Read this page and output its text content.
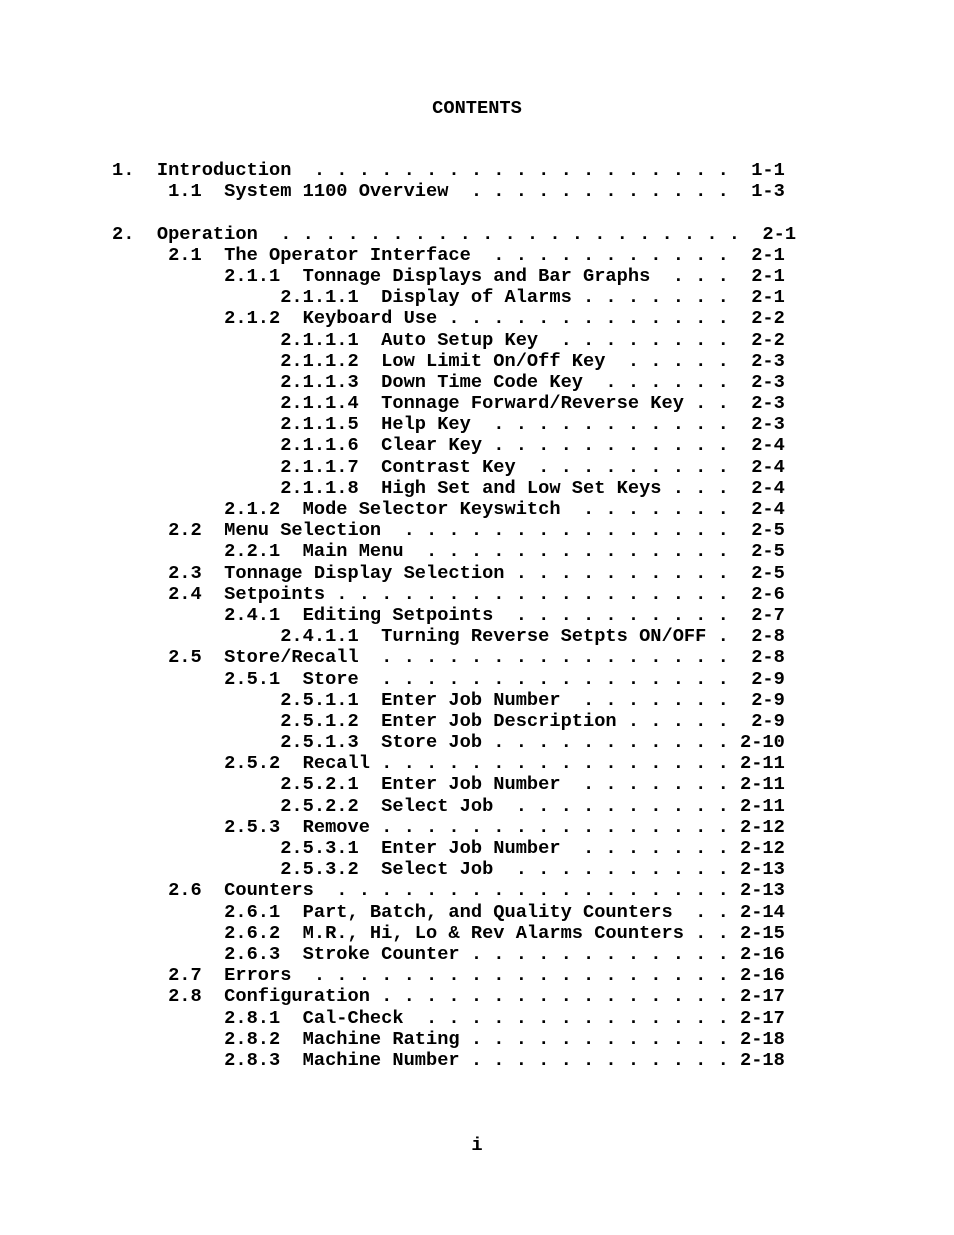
CONTENTS
1.  Introduction  . . . . . . . . . . . . . . . . . . .  1-1
1.1  System 1100 Overview  . . . . . . . . . . . .  1-3
2.  Operation  . . . . . . . . . . . . . . . . . . . . .  2-1
2.1  The Operator Interface  . . . . . . . . . . .  2-1
2.1.1  Tonnage Displays and Bar Graphs  . . .  2-1
2.1.1.1  Display of Alarms . . . . . . .  2-1
2.1.2  Keyboard Use . . . . . . . . . . . . .  2-2
2.1.1.1  Auto Setup Key  . . . . . . . .  2-2
2.1.1.2  Low Limit On/Off Key  . . . . .  2-3
2.1.1.3  Down Time Code Key  . . . . . .  2-3
2.1.1.4  Tonnage Forward/Reverse Key . .  2-3
2.1.1.5  Help Key  . . . . . . . . . . .  2-3
2.1.1.6  Clear Key . . . . . . . . . . .  2-4
2.1.1.7  Contrast Key  . . . . . . . . .  2-4
2.1.1.8  High Set and Low Set Keys . . .  2-4
2.1.2  Mode Selector Keyswitch  . . . . . . .  2-4
2.2  Menu Selection  . . . . . . . . . . . . . . .  2-5
2.2.1  Main Menu  . . . . . . . . . . . . . .  2-5
2.3  Tonnage Display Selection . . . . . . . . . .  2-5
2.4  Setpoints . . . . . . . . . . . . . . . . . .  2-6
2.4.1  Editing Setpoints  . . . . . . . . . .  2-7
2.4.1.1  Turning Reverse Setpts ON/OFF .  2-8
2.5  Store/Recall  . . . . . . . . . . . . . . . .  2-8
2.5.1  Store  . . . . . . . . . . . . . . . .  2-9
2.5.1.1  Enter Job Number  . . . . . . .  2-9
2.5.1.2  Enter Job Description . . . . .  2-9
2.5.1.3  Store Job . . . . . . . . . . . 2-10
2.5.2  Recall . . . . . . . . . . . . . . . . 2-11
2.5.2.1  Enter Job Number  . . . . . . . 2-11
2.5.2.2  Select Job  . . . . . . . . . . 2-11
2.5.3  Remove . . . . . . . . . . . . . . . . 2-12
2.5.3.1  Enter Job Number  . . . . . . . 2-12
2.5.3.2  Select Job  . . . . . . . . . . 2-13
2.6  Counters  . . . . . . . . . . . . . . . . . . 2-13
2.6.1  Part, Batch, and Quality Counters  . . 2-14
2.6.2  M.R., Hi, Lo & Rev Alarms Counters . . 2-15
2.6.3  Stroke Counter . . . . . . . . . . . . 2-16
2.7  Errors  . . . . . . . . . . . . . . . . . . . 2-16
2.8  Configuration . . . . . . . . . . . . . . . . 2-17
2.8.1  Cal-Check  . . . . . . . . . . . . . . 2-17
2.8.2  Machine Rating . . . . . . . . . . . . 2-18
2.8.3  Machine Number . . . . . . . . . . . . 2-18
i
